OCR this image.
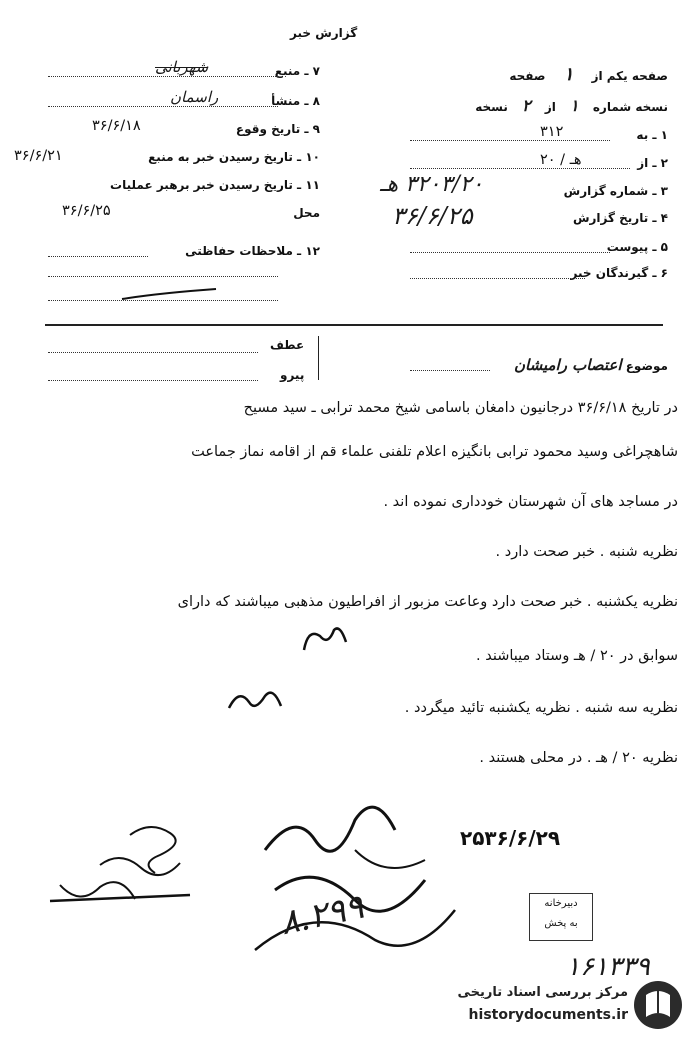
گزارش خبر
صفحه یکم از ۱ صفحه
نسخه شماره ۱ از ۲ نسخه
۱ ـ به
۳۱۲
۲ ـ از
۲۰ / هـ
۳ ـ شماره گزارش
۳۲۰۳/۲۰ هـ
۴ ـ تاریخ گزارش
۳۶/۶/۲۵
۵ ـ پیوست
۶ ـ گیرندگان خبر
۷ ـ منبع
شهربانی
۸ ـ منشأ
راسمان
۹ ـ تاریخ وقوع
۳۶/۶/۱۸
۱۰ ـ تاریخ رسیدن خبر به منبع
۳۶/۶/۲۱
۱۱ ـ تاریخ رسیدن خبر برهبر عملیات
۳۶/۶/۲۵	محل
۱۲ ـ ملاحظات حفاظتی
موضوع اعتصاب رامیشان
عطف
پیرو
در تاریخ ۳۶/۶/۱۸ درجانیون دامغان باسامی شیخ محمد ترابی ـ سید مسیح
شاهچراغی وسید محمود ترابی بانگیزه اعلام تلفنی علماء قم از اقامه نماز جماعت
در مساجد های آن شهرستان خودداری نموده اند .
نظریه شنبه . خبر صحت دارد .
نظریه یکشنبه . خبر صحت دارد وعاعت مزبور از افراطیون مذهبی میباشند که دارای
سوابق در ۲۰ / هـ وستاد میباشند .
نظریه سه شنبه . نظریه یکشنبه تائید میگردد .
نظریه ۲۰ / هـ . در محلی هستند .
۸.۲۹۹
۲۵۳۶/۶/۲۹
دبیرخانه
به پخش
۱۶۱۳۳۹
مرکز بررسی اسناد تاریخی
historydocuments.ir
